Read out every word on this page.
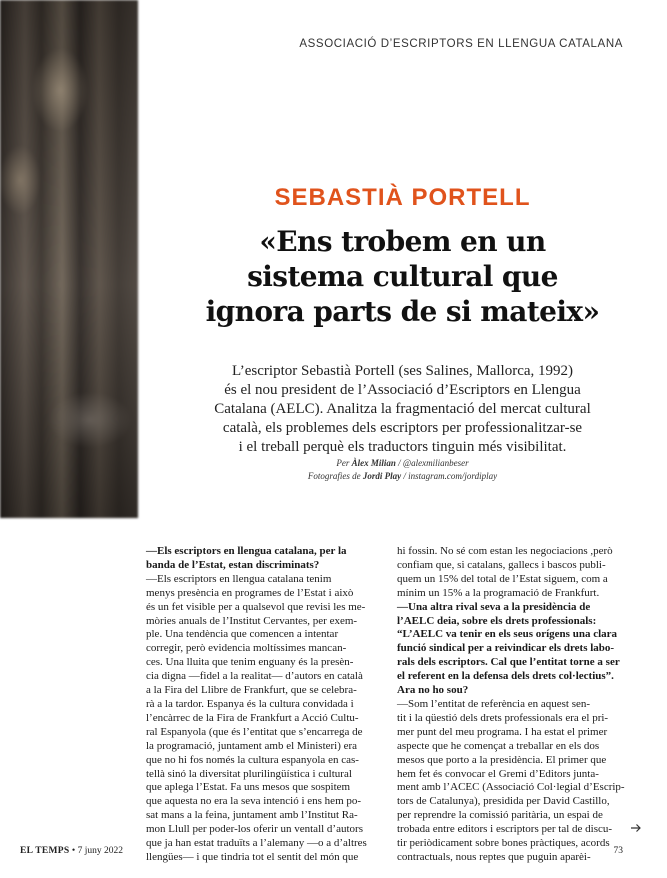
ASSOCIACIÓ D’ESCRIPTORS EN LLENGUA CATALANA
SEBASTIÀ PORTELL
«Ens trobem en un
sistema cultural que
ignora parts de si mateix»
L’escriptor Sebastià Portell (ses Salines, Mallorca, 1992)
és el nou president de l’Associació d’Escriptors en Llengua
Catalana (AELC). Analitza la fragmentació del mercat cultural
català, els problemes dels escriptors per professionalitzar-se
i el treball perquè els traductors tinguin més visibilitat.
Per Àlex Milian / @alexmilianbeser
Fotografies de Jordi Play / instagram.com/jordiplay
—Els escriptors en llengua catalana, per la
banda de l’Estat, estan discriminats?
—Els escriptors en llengua catalana tenim
menys presència en programes de l’Estat i això
és un fet visible per a qualsevol que revisi les me-
mòries anuals de l’Institut Cervantes, per exem-
ple. Una tendència que comencen a intentar
corregir, però evidencia moltíssimes mancan-
ces. Una lluita que tenim enguany és la presèn-
cia digna —fidel a la realitat— d’autors en català
a la Fira del Llibre de Frankfurt, que se celebra-
rà a la tardor. Espanya és la cultura convidada i
l’encàrrec de la Fira de Frankfurt a Acció Cultu-
ral Espanyola (que és l’entitat que s’encarrega de
la programació, juntament amb el Ministeri) era
que no hi fos només la cultura espanyola en cas-
tellà sinó la diversitat plurilingüística i cultural
que aplega l’Estat. Fa uns mesos que sospitem
que aquesta no era la seva intenció i ens hem po-
sat mans a la feina, juntament amb l’Institut Ra-
mon Llull per poder-los oferir un ventall d’autors
que ja han estat traduïts a l’alemany —o a d’altres
llengües— i que tindria tot el sentit del món que
hi fossin. No sé com estan les negociacions ,però
confiam que, si catalans, gallecs i bascos publi-
quem un 15% del total de l’Estat siguem, com a
mínim un 15% a la programació de Frankfurt.
—Una altra rival seva a la presidència de
l’AELC deia, sobre els drets professionals:
“L’AELC va tenir en els seus orígens una clara
funció sindical per a reivindicar els drets labo-
rals dels escriptors. Cal que l’entitat torne a ser
el referent en la defensa dels drets col·lectius”.
Ara no ho sou?
—Som l’entitat de referència en aquest sen-
tit i la qüestió dels drets professionals era el pri-
mer punt del meu programa. I ha estat el primer
aspecte que he començat a treballar en els dos
mesos que porto a la presidència. El primer que
hem fet és convocar el Gremi d’Editors junta-
ment amb l’ACEC (Associació Col·legial d’Escrip-
tors de Catalunya), presidida per David Castillo,
per reprendre la comissió paritària, un espai de
trobada entre editors i escriptors per tal de discu-
tir periòdicament sobre bones pràctiques, acords
contractuals, nous reptes que puguin aparèi-
EL TEMPS • 7 juny 2022	73
